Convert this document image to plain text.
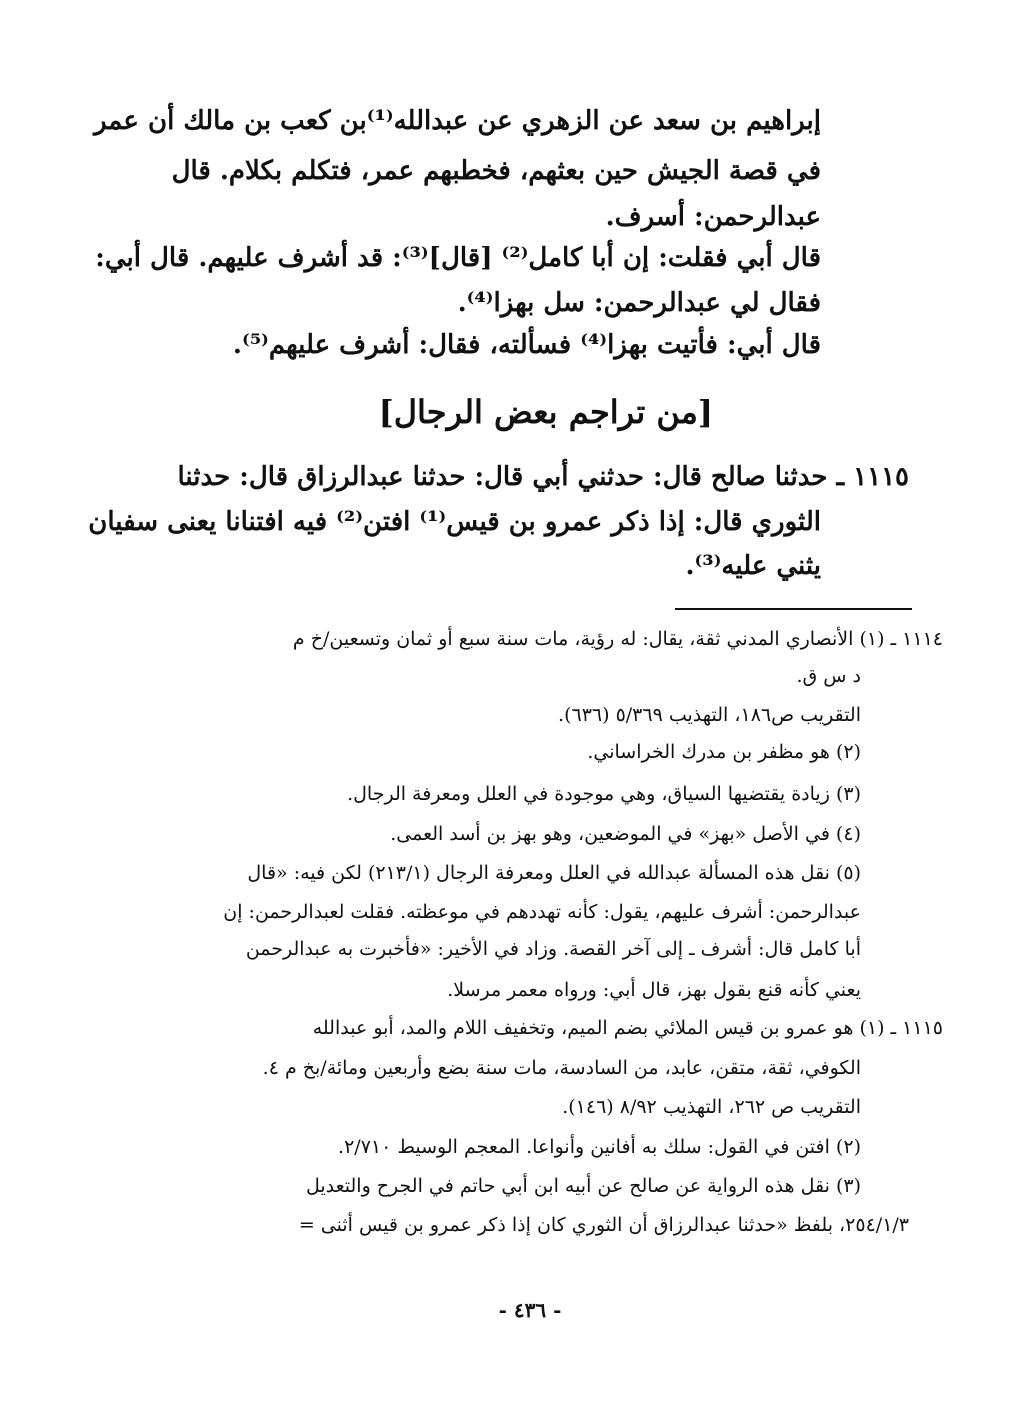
إبراهيم بن سعد عن الزهري عن عبدالله⁽¹⁾بن كعب بن مالك أن عمر
في قصة الجيش حين بعثهم، فخطبهم عمر، فتكلم بكلام. قال
عبدالرحمن: أسرف.
قال أبي فقلت: إن أبا كامل⁽²⁾ [قال]⁽³⁾: قد أشرف عليهم. قال أبي:
فقال لي عبدالرحمن: سل بهزا⁽⁴⁾.
قال أبي: فأتيت بهزا⁽⁴⁾ فسألته، فقال: أشرف عليهم⁽⁵⁾.
[من تراجم بعض الرجال]
١١١٥ ـ حدثنا صالح قال: حدثني أبي قال: حدثنا عبدالرزاق قال: حدثنا
الثوري قال: إذا ذكر عمرو بن قيس⁽¹⁾ افتن⁽²⁾ فيه افتنانا يعنى سفيان
يثني عليه⁽³⁾.
١١١٤ ـ (١) الأنصاري المدني ثقة، يقال: له رؤية، مات سنة سبع أو ثمان وتسعين/خ م
د س ق.
التقريب ص١٨٦، التهذيب ٥/٣٦٩ (٦٣٦).
(٢) هو مظفر بن مدرك الخراساني.
(٣) زيادة يقتضيها السياق، وهي موجودة في العلل ومعرفة الرجال.
(٤) في الأصل «بهز» في الموضعين، وهو بهز بن أسد العمى.
(٥) نقل هذه المسألة عبدالله في العلل ومعرفة الرجال (٢١٣/١) لكن فيه: «قال
عبدالرحمن: أشرف عليهم، يقول: كأنه تهددهم في موعظته. فقلت لعبدالرحمن: إن
أبا كامل قال: أشرف ـ إلى آخر القصة. وزاد في الأخير: «فأخبرت به عبدالرحمن
يعني كأنه قنع بقول بهز، قال أبي: ورواه معمر مرسلا.
١١١٥ ـ (١) هو عمرو بن قيس الملائي بضم الميم، وتخفيف اللام والمد، أبو عبدالله
الكوفي، ثقة، متقن، عابد، من السادسة، مات سنة بضع وأربعين ومائة/بخ م ٤.
التقريب ص ٢٦٢، التهذيب ٨/٩٢ (١٤٦).
(٢) افتن في القول: سلك به أفانين وأنواعا. المعجم الوسيط ٢/٧١٠.
(٣) نقل هذه الرواية عن صالح عن أبيه ابن أبي حاتم في الجرح والتعديل
٢٥٤/١/٣، بلفظ «حدثنا عبدالرزاق أن الثوري كان إذا ذكر عمرو بن قيس أثنى =
- ٤٣٦ -
